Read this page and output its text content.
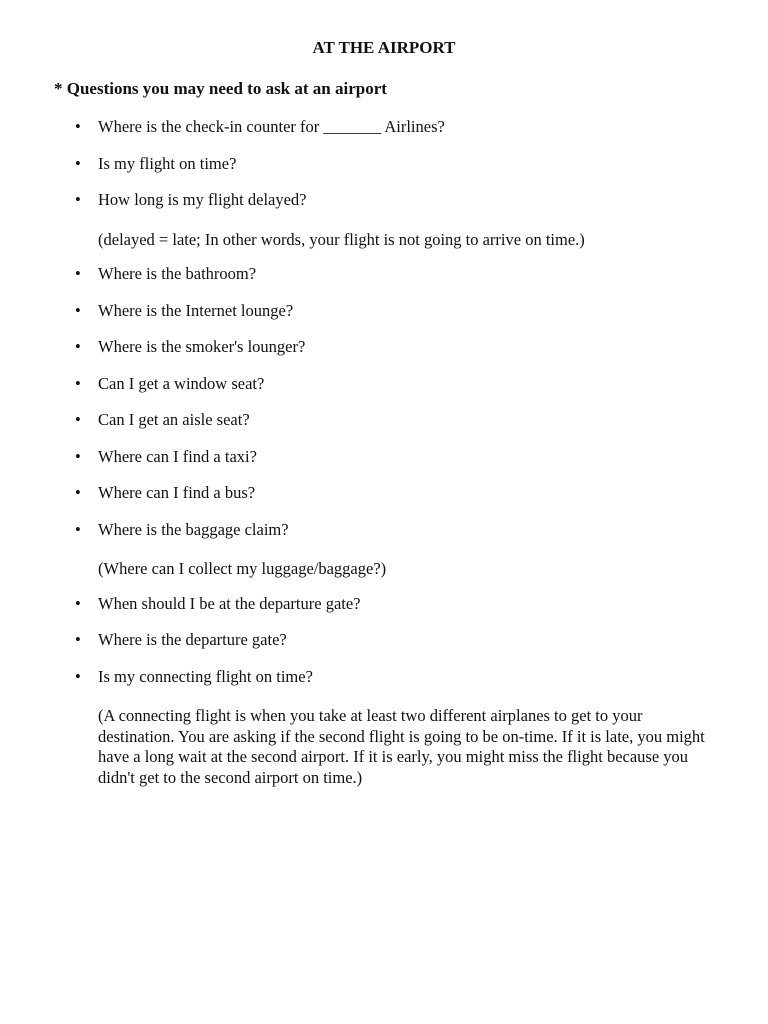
AT THE AIRPORT
* Questions you may need to ask at an airport
• Where is the check-in counter for _______ Airlines?
• Is my flight on time?
• How long is my flight delayed?
(delayed = late; In other words, your flight is not going to arrive on time.)
• Where is the bathroom?
• Where is the Internet lounge?
• Where is the smoker's lounger?
• Can I get a window seat?
• Can I get an aisle seat?
• Where can I find a taxi?
• Where can I find a bus?
• Where is the baggage claim?
(Where can I collect my luggage/baggage?)
• When should I be at the departure gate?
• Where is the departure gate?
• Is my connecting flight on time?
(A connecting flight is when you take at least two different airplanes to get to your destination. You are asking if the second flight is going to be on-time. If it is late, you might have a long wait at the second airport. If it is early, you might miss the flight because you didn't get to the second airport on time.)
